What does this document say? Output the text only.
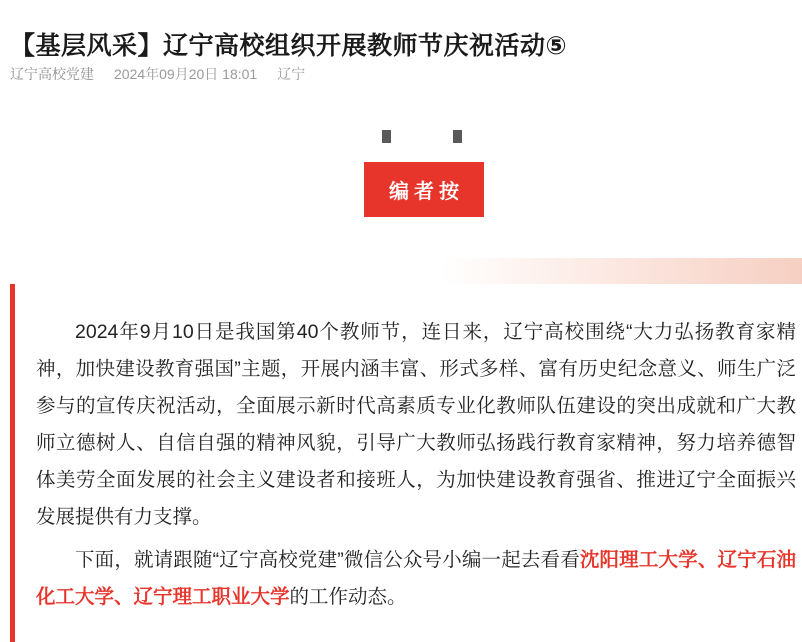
【基层风采】辽宁高校组织开展教师节庆祝活动⑤
辽宁高校党建 2024年09月20日 18:01 辽宁
编者按

2024年9月10日是我国第40个教师节，连日来，辽宁高校围绕“大力弘扬教育家精神，加快建设教育强国”主题，开展内涵丰富、形式多样、富有历史纪念意义、师生广泛参与的宣传庆祝活动，全面展示新时代高素质专业化教师队伍建设的突出成就和广大教师立德树人、自信自强的精神风貌，引导广大教师弘扬践行教育家精神，努力培养德智体美劳全面发展的社会主义建设者和接班人，为加快建设教育强省、推进辽宁全面振兴发展提供有力支撑。

下面，就请跟随“辽宁高校党建”微信公众号小编一起去看看沈阳理工大学、辽宁石油化工大学、辽宁理工职业大学的工作动态。
